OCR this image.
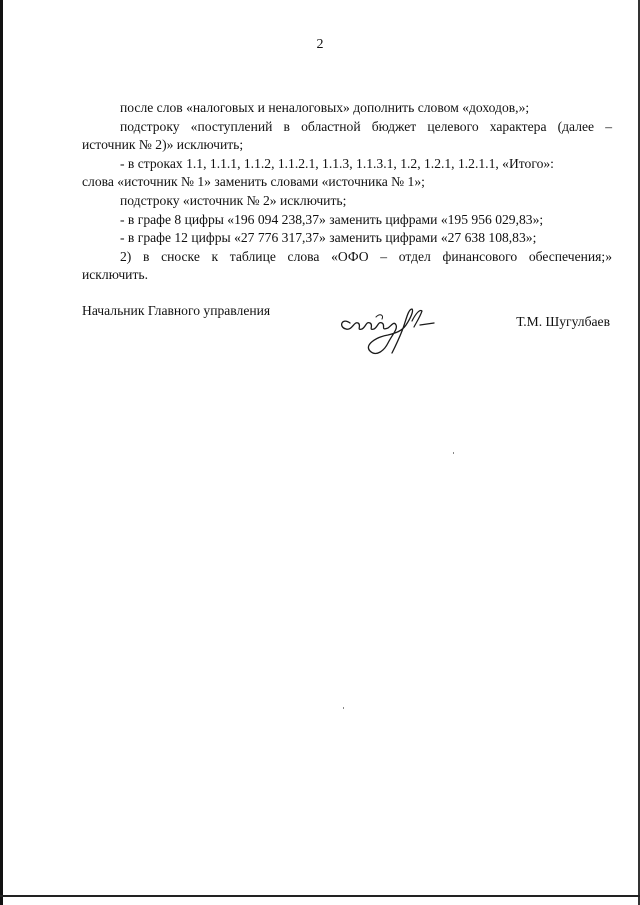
2
после слов «налоговых и неналоговых» дополнить словом «доходов,»;
подстроку «поступлений в областной бюджет целевого характера (далее –
источник № 2)» исключить;
- в строках 1.1, 1.1.1, 1.1.2, 1.1.2.1, 1.1.3, 1.1.3.1, 1.2, 1.2.1, 1.2.1.1, «Итого»:
слова «источник № 1» заменить словами «источника № 1»;
подстроку «источник № 2» исключить;
- в графе 8 цифры «196 094 238,37» заменить цифрами «195 956 029,83»;
- в графе 12 цифры «27 776 317,37» заменить цифрами «27 638 108,83»;
2) в сноске к таблице слова «ОФО – отдел финансового обеспечения;»
исключить.
Начальник Главного управления
Т.М. Шугулбаев
